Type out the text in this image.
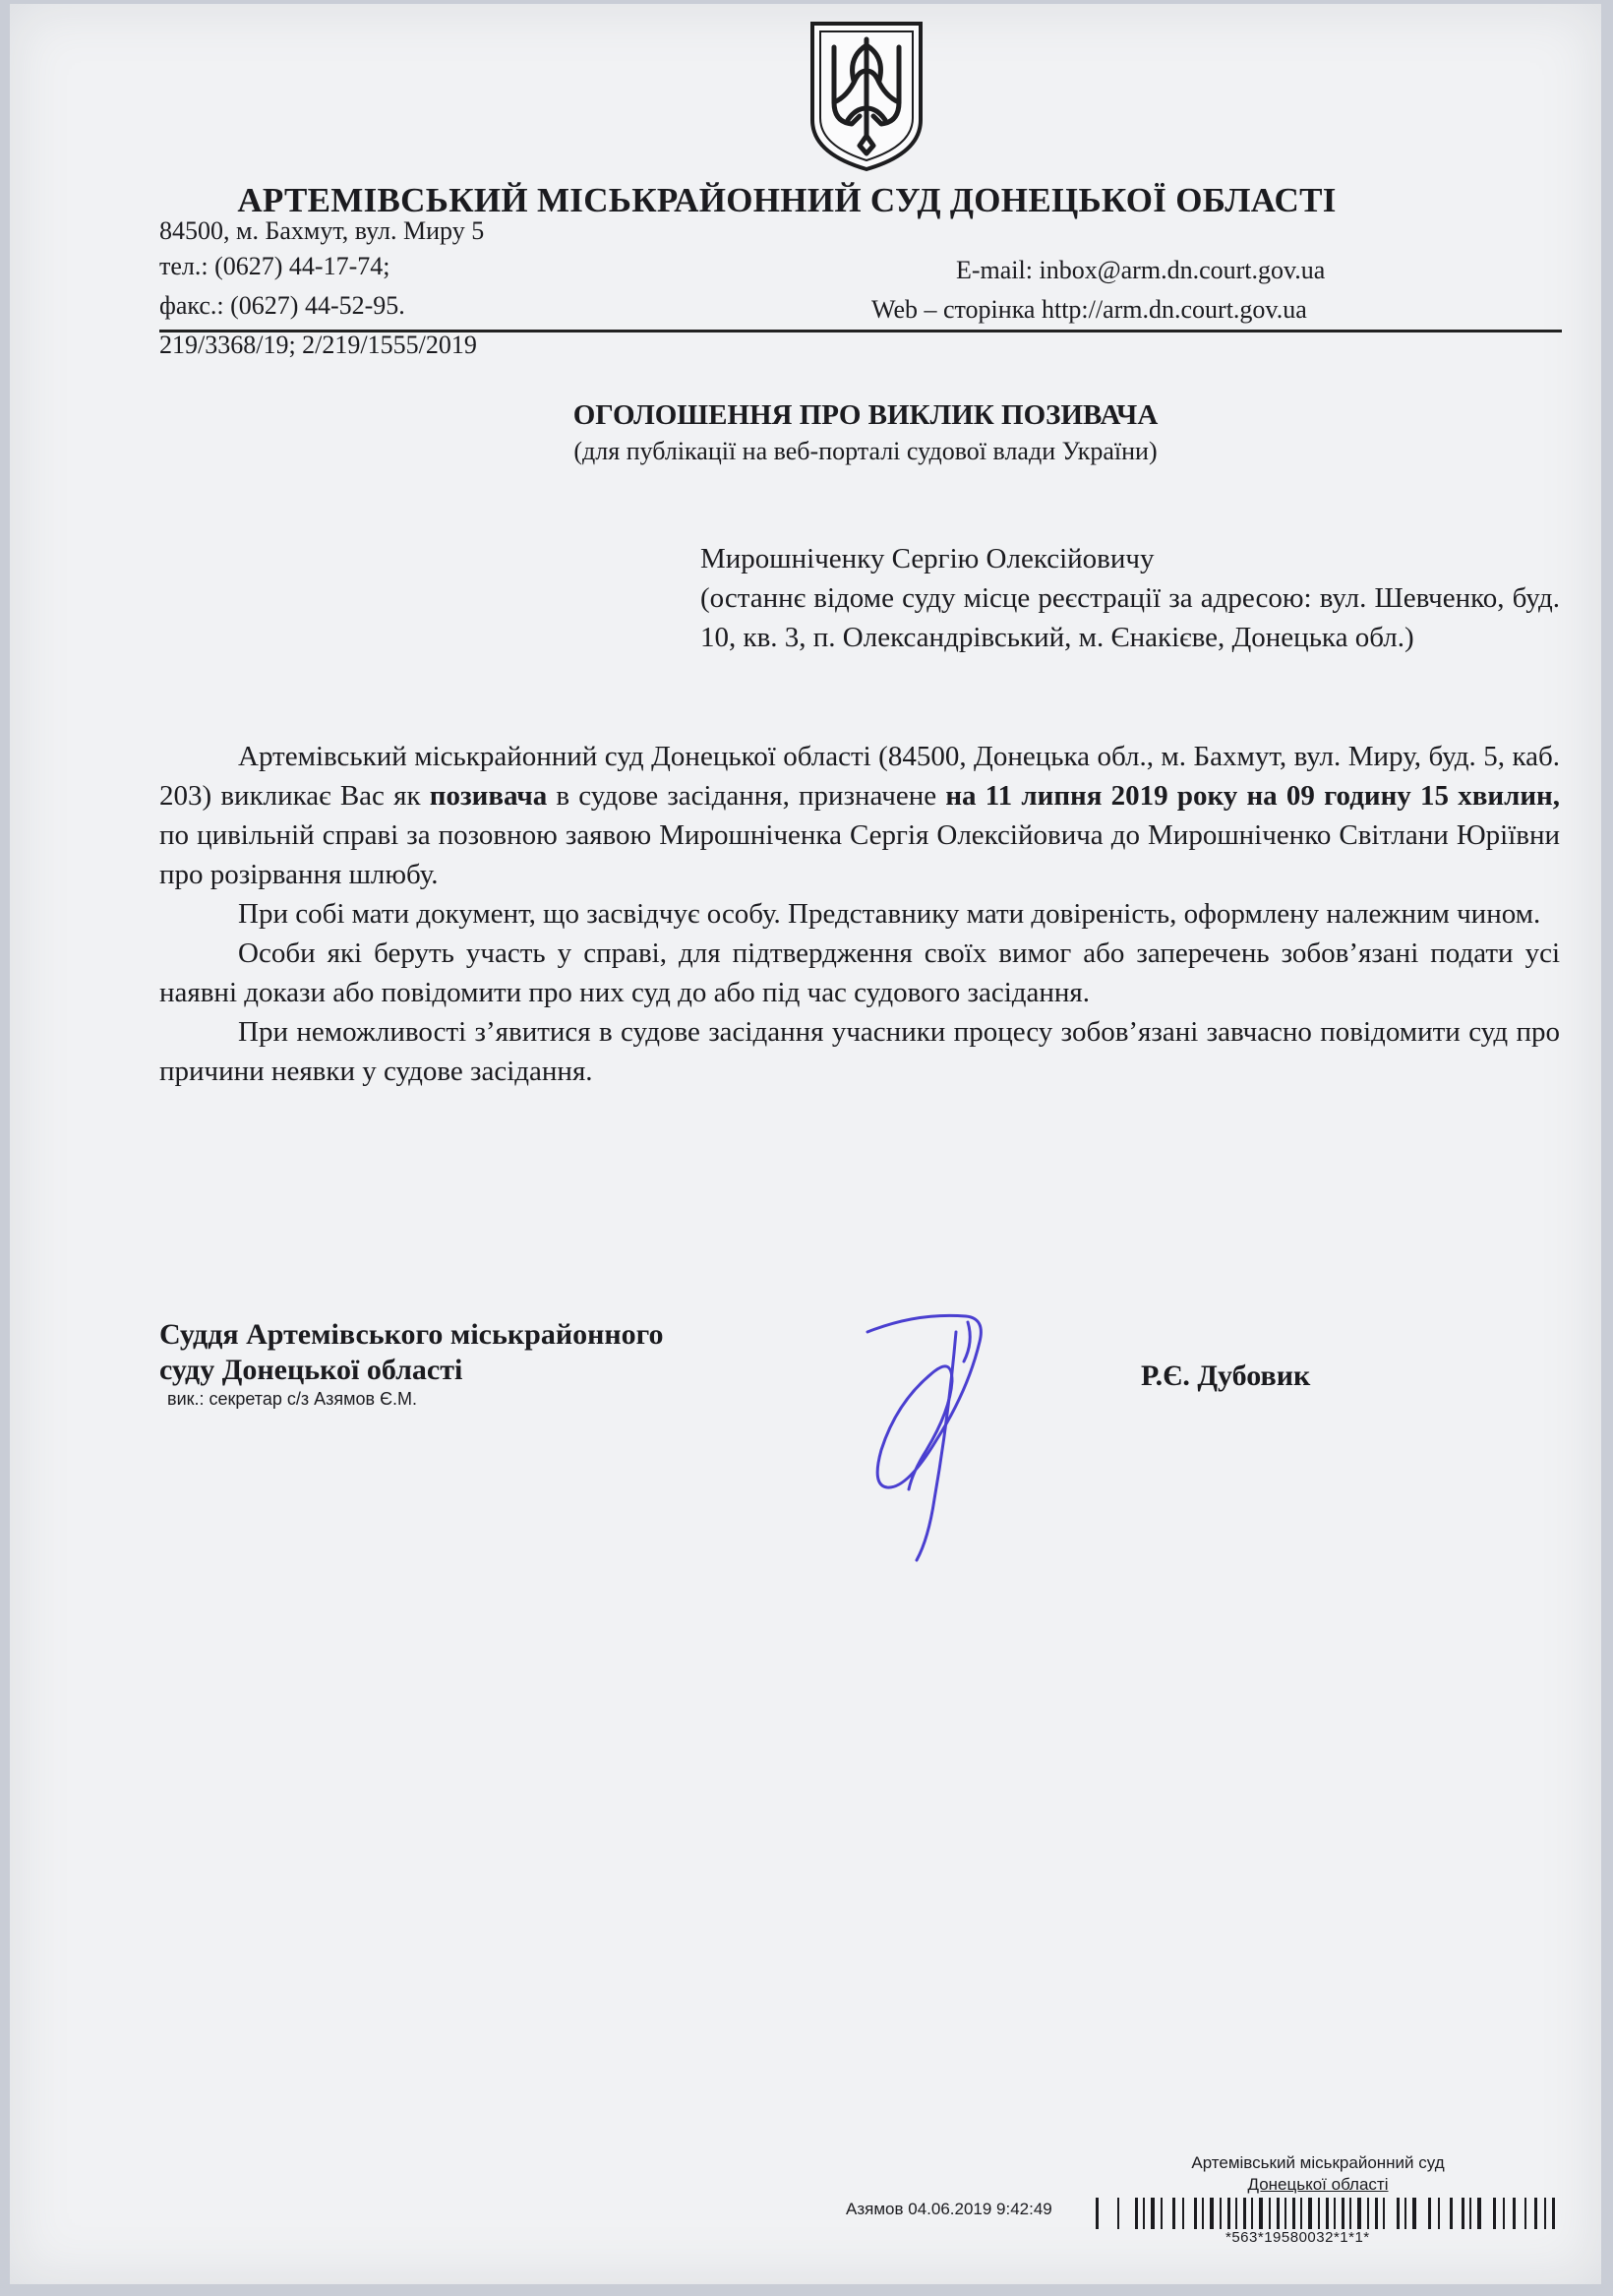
АРТЕМІВСЬКИЙ МІСЬКРАЙОННИЙ СУД ДОНЕЦЬКОЇ ОБЛАСТІ
84500, м. Бахмут, вул. Миру 5
тел.: (0627) 44-17-74;	E-mail: inbox@arm.dn.court.gov.ua
факс.: (0627) 44-52-95.	Web – сторінка http://arm.dn.court.gov.ua
219/3368/19; 2/219/1555/2019
ОГОЛОШЕННЯ ПРО ВИКЛИК ПОЗИВАЧА
(для публікації на веб-порталі судової влади України)
Мирошніченку Сергію Олексійовичу
(останнє відоме суду місце реєстрації за адресою: вул. Шевченко, буд. 10, кв. 3, п. Олександрівський, м. Єнакієве, Донецька обл.)

Артемівський міськрайонний суд Донецької області (84500, Донецька обл., м. Бахмут, вул. Миру, буд. 5, каб. 203) викликає Вас як позивача в судове засідання, призначене на 11 липня 2019 року на 09 годину 15 хвилин, по цивільній справі за позовною заявою Мирошніченка Сергія Олексійовича до Мирошніченко Світлани Юріївни про розірвання шлюбу.

При собі мати документ, що засвідчує особу. Представнику мати довіреність, оформлену належним чином.

Особи які беруть участь у справі, для підтвердження своїх вимог або заперечень зобов’язані подати усі наявні докази або повідомити про них суд до або під час судового засідання.

При неможливості з’явитися в судове засідання учасники процесу зобов’язані завчасно повідомити суд про причини неявки у судове засідання.

Суддя Артемівського міськрайонного
суду Донецької області
вик.: секретар с/з Азямов Є.М.
Р.Є. Дубовик
Артемівський міськрайонний суд
Донецької області
Азямов 04.06.2019 9:42:49
*563*19580032*1*1*
